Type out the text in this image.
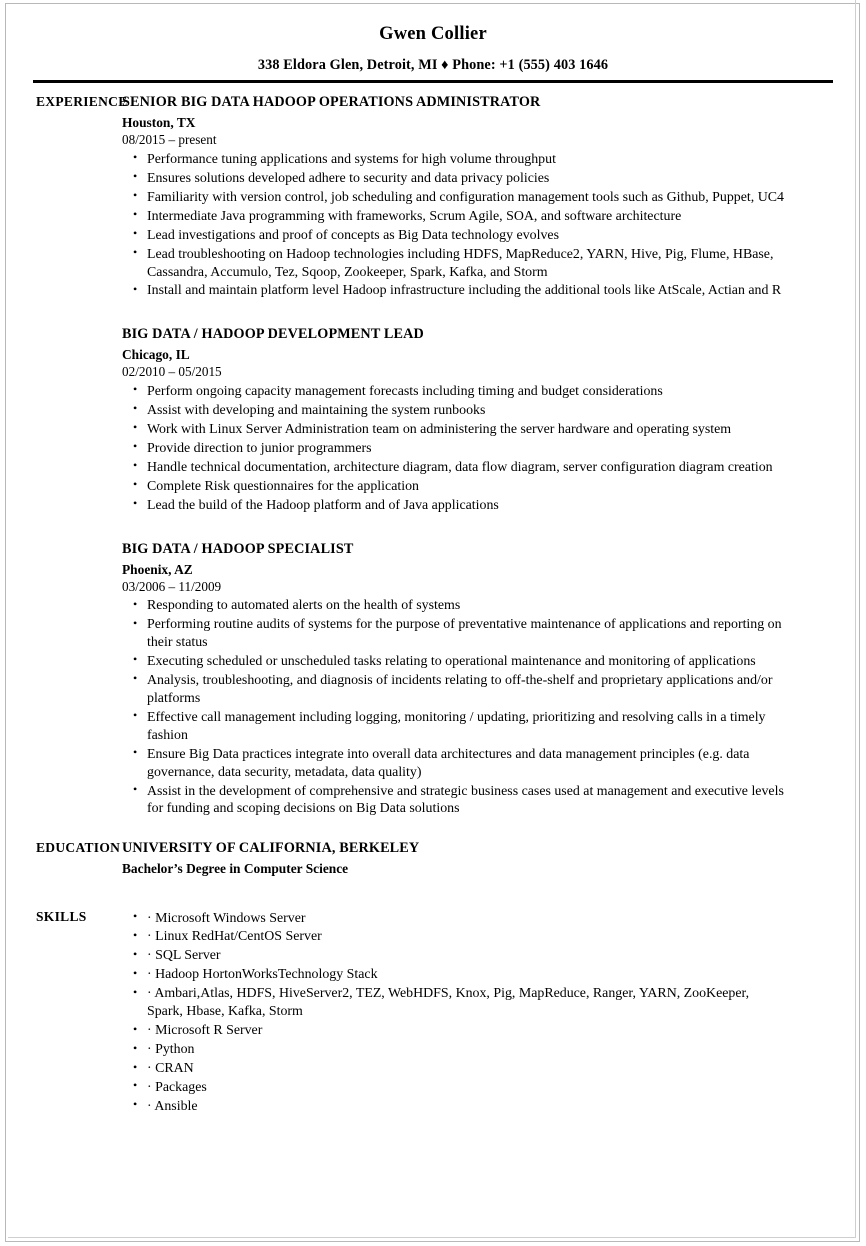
Gwen Collier
338 Eldora Glen, Detroit, MI ♦ Phone: +1 (555) 403 1646
EXPERIENCE
SENIOR BIG DATA HADOOP OPERATIONS ADMINISTRATOR
Houston, TX
08/2015 – present
• Performance tuning applications and systems for high volume throughput
• Ensures solutions developed adhere to security and data privacy policies
• Familiarity with version control, job scheduling and configuration management tools such as Github, Puppet, UC4
• Intermediate Java programming with frameworks, Scrum Agile, SOA, and software architecture
• Lead investigations and proof of concepts as Big Data technology evolves
• Lead troubleshooting on Hadoop technologies including HDFS, MapReduce2, YARN, Hive, Pig, Flume, HBase, Cassandra, Accumulo, Tez, Sqoop, Zookeeper, Spark, Kafka, and Storm
• Install and maintain platform level Hadoop infrastructure including the additional tools like AtScale, Actian and R
BIG DATA / HADOOP DEVELOPMENT LEAD
Chicago, IL
02/2010 – 05/2015
• Perform ongoing capacity management forecasts including timing and budget considerations
• Assist with developing and maintaining the system runbooks
• Work with Linux Server Administration team on administering the server hardware and operating system
• Provide direction to junior programmers
• Handle technical documentation, architecture diagram, data flow diagram, server configuration diagram creation
• Complete Risk questionnaires for the application
• Lead the build of the Hadoop platform and of Java applications
BIG DATA / HADOOP SPECIALIST
Phoenix, AZ
03/2006 – 11/2009
• Responding to automated alerts on the health of systems
• Performing routine audits of systems for the purpose of preventative maintenance of applications and reporting on their status
• Executing scheduled or unscheduled tasks relating to operational maintenance and monitoring of applications
• Analysis, troubleshooting, and diagnosis of incidents relating to off-the-shelf and proprietary applications and/or platforms
• Effective call management including logging, monitoring / updating, prioritizing and resolving calls in a timely fashion
• Ensure Big Data practices integrate into overall data architectures and data management principles (e.g. data governance, data security, metadata, data quality)
• Assist in the development of comprehensive and strategic business cases used at management and executive levels for funding and scoping decisions on Big Data solutions
EDUCATION UNIVERSITY OF CALIFORNIA, BERKELEY
Bachelor’s Degree in Computer Science
SKILLS	• · Microsoft Windows Server
• · Linux RedHat/CentOS Server
• · SQL Server
• · Hadoop HortonWorksTechnology Stack
• · Ambari,Atlas, HDFS, HiveServer2, TEZ, WebHDFS, Knox, Pig, MapReduce, Ranger, YARN, ZooKeeper, Spark, Hbase, Kafka, Storm
• · Microsoft R Server
• · Python
• · CRAN
• · Packages
• · Ansible
